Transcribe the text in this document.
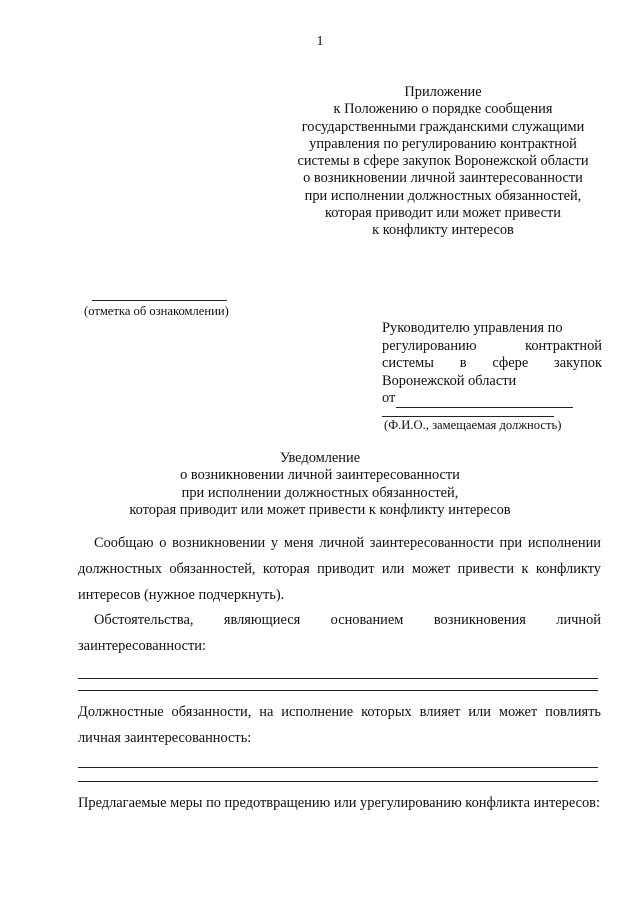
1
Приложение
к Положению о порядке сообщения
государственными гражданскими служащими
управления по регулированию контрактной
системы в сфере закупок Воронежской области
о возникновении личной заинтересованности
при исполнении должностных обязанностей,
которая приводит или может привести
к конфликту интересов
(отметка об ознакомлении)
Руководителю управления по
регулированию контрактной
системы в сфере закупок
Воронежской области
от
(Ф.И.О., замещаемая должность)
Уведомление
о возникновении личной заинтересованности
при исполнении должностных обязанностей,
которая приводит или может привести к конфликту интересов
Сообщаю о возникновении у меня личной заинтересованности при исполнении должностных обязанностей, которая приводит или может привести к конфликту интересов (нужное подчеркнуть).
Обстоятельства, являющиеся основанием возникновения личной заинтересованности:
Должностные обязанности, на исполнение которых влияет или может повлиять личная заинтересованность:
Предлагаемые меры по предотвращению или урегулированию конфликта интересов:
